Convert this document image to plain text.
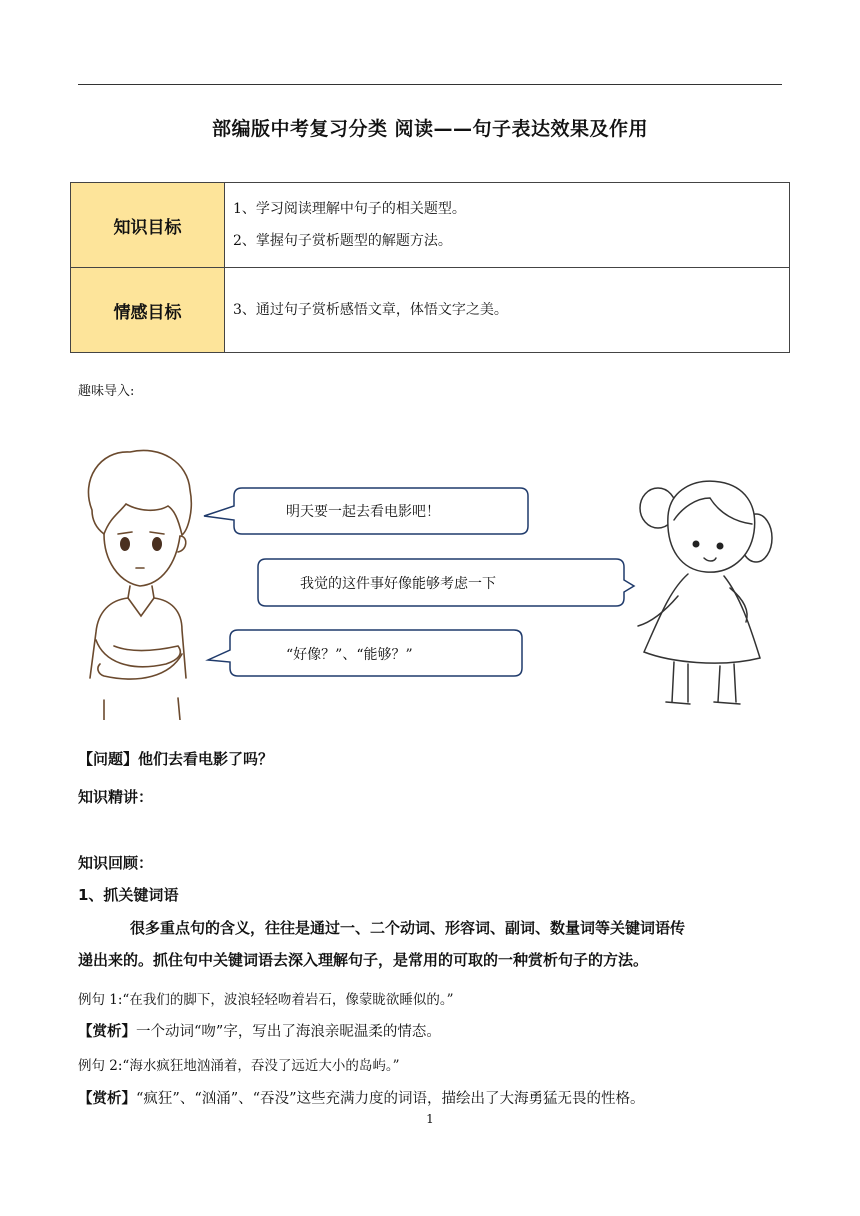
部编版中考复习分类 阅读——句子表达效果及作用
知识目标	1、学习阅读理解中句子的相关题型。
2、掌握句子赏析题型的解题方法。

情感目标	3、通过句子赏析感悟文章，体悟文字之美。
趣味导入:
明天要一起去看电影吧！
我觉的这件事好像能够考虑一下
“好像？”、“能够？”
【问题】他们去看电影了吗？
知识精讲：
知识回顾：
1、抓关键词语
很多重点句的含义，往往是通过一、二个动词、形容词、副词、数量词等关键词语传
递出来的。抓住句中关键词语去深入理解句子，是常用的可取的一种赏析句子的方法。
例句 1:“在我们的脚下，波浪轻轻吻着岩石，像蒙眬欲睡似的。”
【赏析】一个动词“吻”字，写出了海浪亲昵温柔的情态。
例句 2:“海水疯狂地汹涌着，吞没了远近大小的岛屿。”
【赏析】“疯狂”、“汹涌”、“吞没”这些充满力度的词语，描绘出了大海勇猛无畏的性格。
1
